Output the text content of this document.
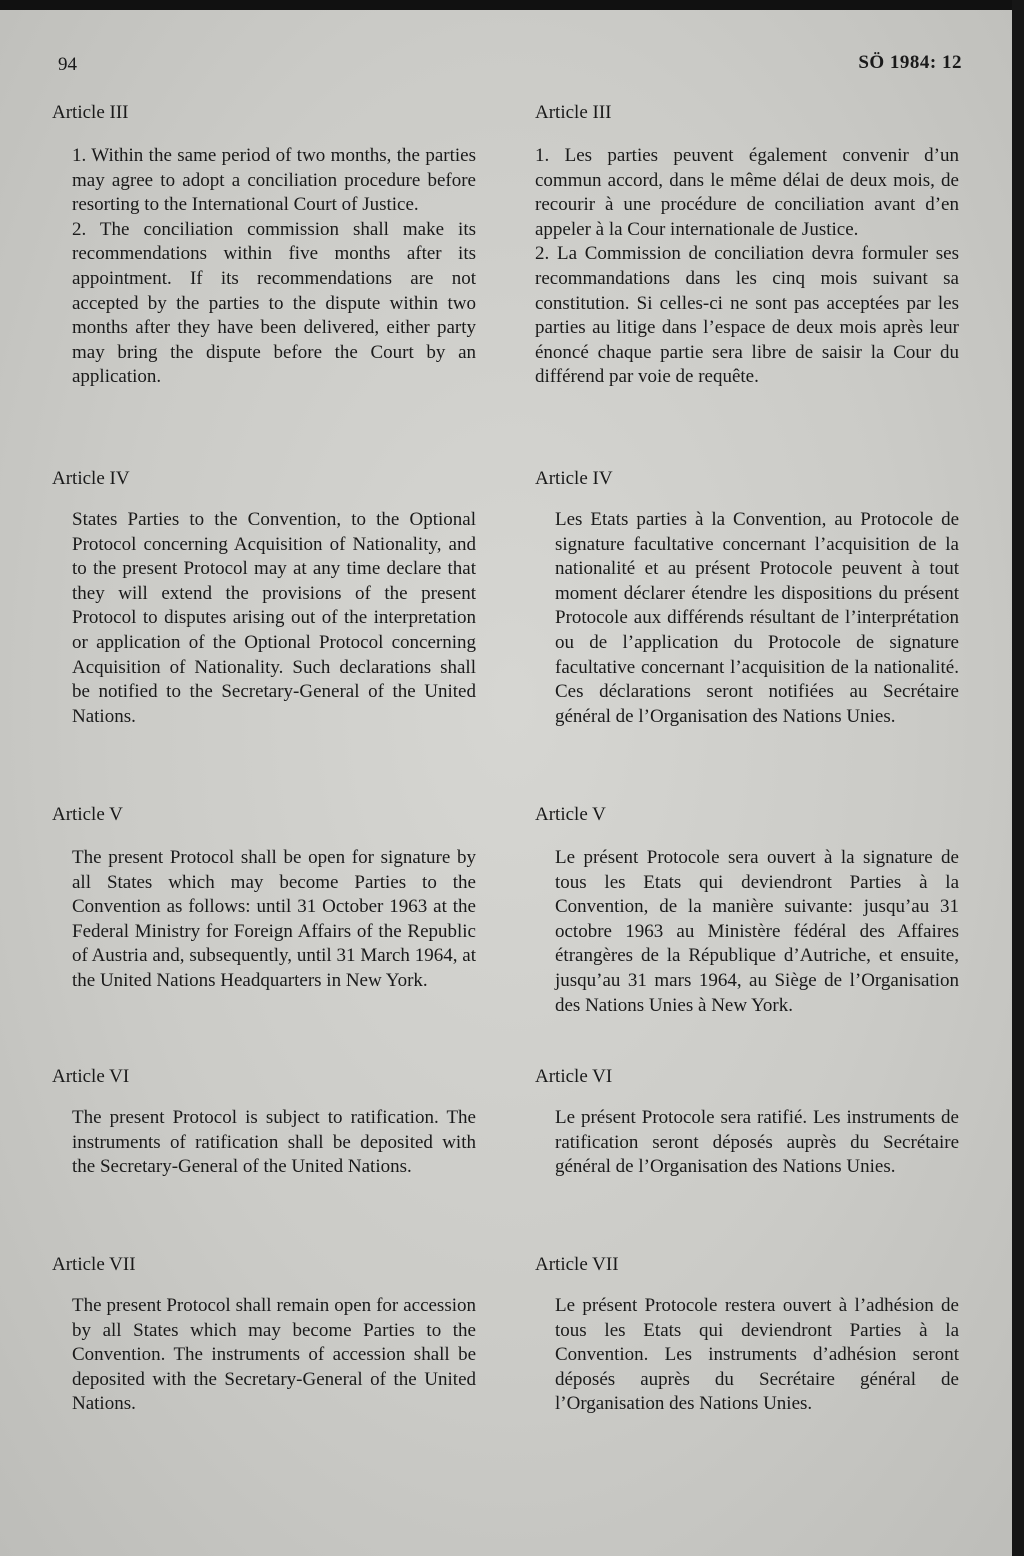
94	SÖ 1984: 12
Article III

1. Within the same period of two months, the parties may agree to adopt a conciliation procedure before resorting to the International Court of Justice.

2. The conciliation commission shall make its recommendations within five months after its appointment. If its recommendations are not accepted by the parties to the dispute within two months after they have been delivered, either party may bring the dispute before the Court by an application.

Article IV
States Parties to the Convention, to the Optional Protocol concerning Acquisition of Nationality, and to the present Protocol may at any time declare that they will extend the provisions of the present Protocol to disputes arising out of the interpretation or application of the Optional Protocol concerning Acquisition of Nationality. Such declarations shall be notified to the Secretary-General of the United Nations.
Article V
The present Protocol shall be open for signature by all States which may become Parties to the Convention as follows: until 31 October 1963 at the Federal Ministry for Foreign Affairs of the Republic of Austria and, subsequently, until 31 March 1964, at the United Nations Headquarters in New York.
Article VI
The present Protocol is subject to ratification. The instruments of ratification shall be deposited with the Secretary-General of the United Nations.
Article VII
The present Protocol shall remain open for accession by all States which may become Parties to the Convention. The instruments of accession shall be deposited with the Secretary-General of the United Nations.
Article III

1. Les parties peuvent également convenir d’un commun accord, dans le même délai de deux mois, de recourir à une procédure de conciliation avant d’en appeler à la Cour internationale de Justice.

2. La Commission de conciliation devra formuler ses recommandations dans les cinq mois suivant sa constitution. Si celles-ci ne sont pas acceptées par les parties au litige dans l’espace de deux mois après leur énoncé chaque partie sera libre de saisir la Cour du différend par voie de requête.

Article IV
Les Etats parties à la Convention, au Protocole de signature facultative concernant l’acquisition de la nationalité et au présent Protocole peuvent à tout moment déclarer étendre les dispositions du présent Protocole aux différends résultant de l’interprétation ou de l’application du Protocole de signature facultative concernant l’acquisition de la nationalité. Ces déclarations seront notifiées au Secrétaire général de l’Organisation des Nations Unies.
Article V
Le présent Protocole sera ouvert à la signature de tous les Etats qui deviendront Parties à la Convention, de la manière suivante: jusqu’au 31 octobre 1963 au Ministère fédéral des Affaires étrangères de la République d’Autriche, et ensuite, jusqu’au 31 mars 1964, au Siège de l’Organisation des Nations Unies à New York.
Article VI
Le présent Protocole sera ratifié. Les instruments de ratification seront déposés auprès du Secrétaire général de l’Organisation des Nations Unies.
Article VII
Le présent Protocole restera ouvert à l’adhésion de tous les Etats qui deviendront Parties à la Convention. Les instruments d’adhésion seront déposés auprès du Secrétaire général de l’Organisation des Nations Unies.
